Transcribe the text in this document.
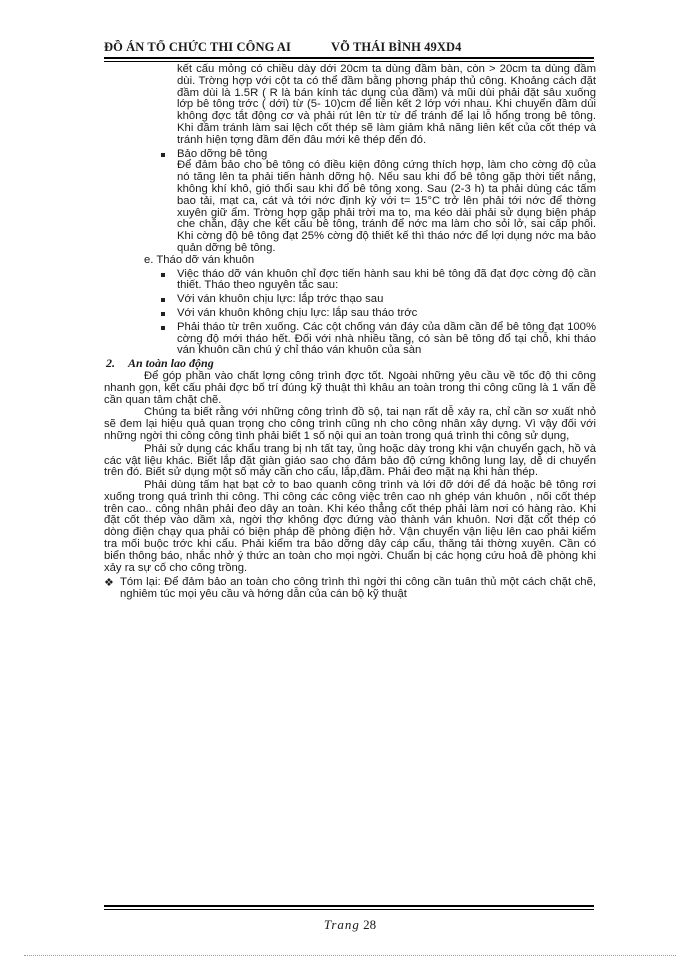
ĐỒ ÁN TỔ CHỨC THI CÔNG AI	VÕ THÁI BÌNH 49XD4

kết cấu mỏng có chiều dày dới 20cm ta dùng đầm bàn, còn > 20cm ta dùng đầm dùi. Trờng hợp với cột ta có thể đầm bằng phơng pháp thủ công. Khoảng cách đặt đầm dùi là 1.5R ( R là bán kính tác dụng của đầm) và mũi dùi phải đặt sâu xuống lớp bê tông trớc ( dới) từ (5- 10)cm để liên kết 2 lớp với nhau. Khi chuyển đầm dùi không đợc tắt động cơ và phải rút lên từ từ để tránh để lại lỗ hổng trong bê tông. Khi đầm tránh làm sai lệch cốt thép sẽ làm giảm khả năng liên kết của cốt thép và tránh hiện tợng đầm đến đâu mới kê thép đến đó.

Bảo dỡng bê tông

Để đảm bảo cho bê tông có điều kiện đông cứng thích hợp, làm cho cờng độ của nó tăng lên ta phải tiến hành dỡng hộ. Nếu sau khi đổ bê tông gặp thời tiết nắng, không khí khô, gió thổi sau khi đổ bê tông xong. Sau (2-3 h) ta phải dùng các tấm bao tải, mạt ca, cát và tới nớc định kỳ với t= 15°C trở lên phải tới nớc để thờng xuyên giữ ẩm. Trờng hợp gặp phải trời ma to, ma kéo dài phải sử dụng biện pháp che chắn, đậy che kết cấu bê tông, tránh để nớc ma làm cho sỏi lở, sai cấp phối. Khi cờng độ bê tông đạt 25% cờng độ thiết kế thì tháo nớc để lợi dụng nớc ma bảo quản dỡng bê tông.

e. Tháo dỡ ván khuôn

Việc tháo dỡ ván khuôn chỉ đợc tiến hành sau khi bê tông đã đạt đợc cờng độ cần thiết. Tháo theo nguyên tắc sau:

Với ván khuôn chịu lực: lắp trớc thạo sau

Với ván khuôn không chịu lực: lắp sau tháo trớc

Phải tháo từ trên xuống. Các cột chống ván đáy của dầm cần để bê tông đạt 100% cờng độ mới tháo hết. Đối với nhà nhiều tầng, có sàn bê tông đổ tại chỗ, khi tháo ván khuôn cần chú ý chỉ tháo ván khuôn của sàn

2. An toàn lao động

Để góp phần vào chất lợng công trình đợc tốt. Ngoài những yêu cầu về tốc độ thi công nhanh gọn, kết cấu phải đợc bố trí đúng kỹ thuật thì khâu an toàn trong thi công cũng là 1 vấn đề cần quan tâm chặt chẽ.

Chúng ta biết rằng với những công trình đồ sộ, tai nạn rất dễ xảy ra, chỉ cần sơ xuất nhỏ sẽ đem lại hiệu quả quan trọng cho công trình cũng nh cho công nhân xây dựng. Vì vậy đối với những ngời thi công công tình phải biết 1 số nội qui an toàn trong quá trình thi công sử dụng,

Phải sử dụng các khẩu trang bị nh tất tay, ủng hoặc dày trong khi vận chuyển gạch, hồ và các vật liệu khác. Biết lắp đặt giàn giáo sao cho đảm bảo độ cứng không lung lay, dễ di chuyển trên đó. Biết sử dụng một số máy cần cho cẩu, lắp,đầm. Phải đeo mặt nạ khi hàn thép.

Phải dùng tấm hạt bạt cở to bao quanh công trình và lới đỡ dới để đá hoặc bê tông rơi xuống trong quá trình thi công. Thi công các công việc trên cao nh ghép ván khuôn , nối cốt thép trên cao.. công nhân phải đeo dây an toàn. Khi kéo thẳng cốt thép phải làm nơi có hàng rào. Khi đặt cốt thép vào dầm xà, ngời thợ không đợc đứng vào thành ván khuôn. Nơi đặt cốt thép có dòng điện chạy qua phải có biện pháp đề phòng điện hở. Vận chuyển vận liệu lên cao phải kiểm tra mối buộc trớc khi cẩu. Phải kiểm tra bảo dỡng dây cáp cẩu, thăng tải thờng xuyên. Cần có biển thông báo, nhắc nhở ý thức an toàn cho mọi ngời. Chuẩn bị các họng cứu hoả đề phòng khi xảy ra sự cố cho công trồng.

❖ Tóm lại: Để đảm bảo an toàn cho công trình thì ngời thi công cần tuân thủ một cách chặt chẽ, nghiêm túc mọi yêu cầu và hớng dẫn của cán bộ kỹ thuật

Trang 28
